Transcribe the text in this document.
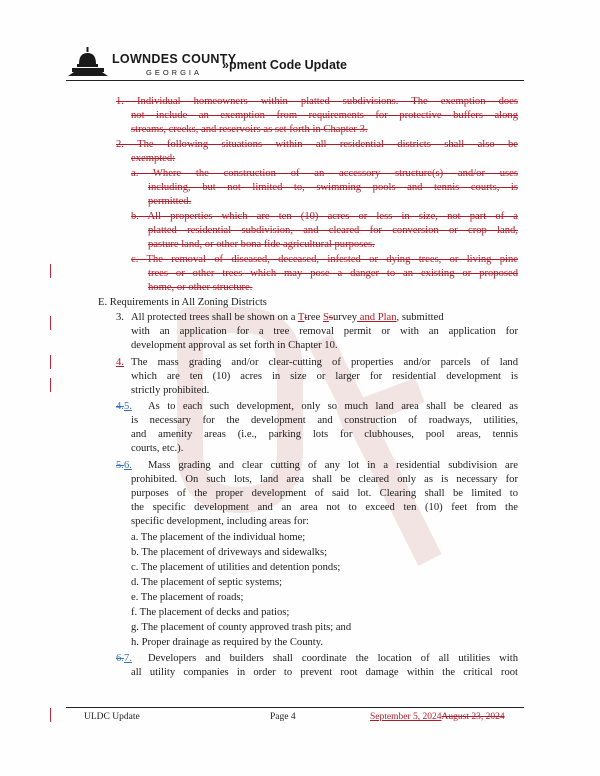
LOWNDES COUNTY
GEORGIA
»pment Code Update
1. Individual homeowners within platted subdivisions. The exemption does
not include an exemption from requirements for protective buffers along
streams, creeks, and reservoirs as set forth in Chapter 3.
2. The following situations within all residential districts shall also be
exempted:
a. Where the construction of an accessory structure(s) and/or uses
including, but not limited to, swimming pools and tennis courts, is
permitted.
b. All properties which are ten (10) acres or less in size, not part of a
platted residential subdivision, and cleared for conversion or crop land,
pasture land, or other bona fide agricultural purposes.
c. The removal of diseased, deceased, infested or dying trees, or living pine
trees or other trees which may pose a danger to an existing or proposed
home, or other structure.
E. Requirements in All Zoning Districts
3. All protected trees shall be shown on a Ttree Ssurvey and Plan, submitted
with an application for a tree removal permit or with an application for
development approval as set forth in Chapter 10.
4. The mass grading and/or clear-cutting of properties and/or parcels of land
which are ten (10) acres in size or larger for residential development is
strictly prohibited.
4.5. As to each such development, only so much land area shall be cleared as
is necessary for the development and construction of roadways, utilities,
and amenity areas (i.e., parking lots for clubhouses, pool areas, tennis
courts, etc.).
5.6. Mass grading and clear cutting of any lot in a residential subdivision are
prohibited. On such lots, land area shall be cleared only as is necessary for
purposes of the proper development of said lot. Clearing shall be limited to
the specific development and an area not to exceed ten (10) feet from the
specific development, including areas for:
a. The placement of the individual home;
b. The placement of driveways and sidewalks;
c. The placement of utilities and detention ponds;
d. The placement of septic systems;
e. The placement of roads;
f. The placement of decks and patios;
g. The placement of county approved trash pits; and
h. Proper drainage as required by the County.
6.7. Developers and builders shall coordinate the location of all utilities with
all utility companies in order to prevent root damage within the critical root
ULDC Update	Page 4	September 5, 2024August 23, 2024
